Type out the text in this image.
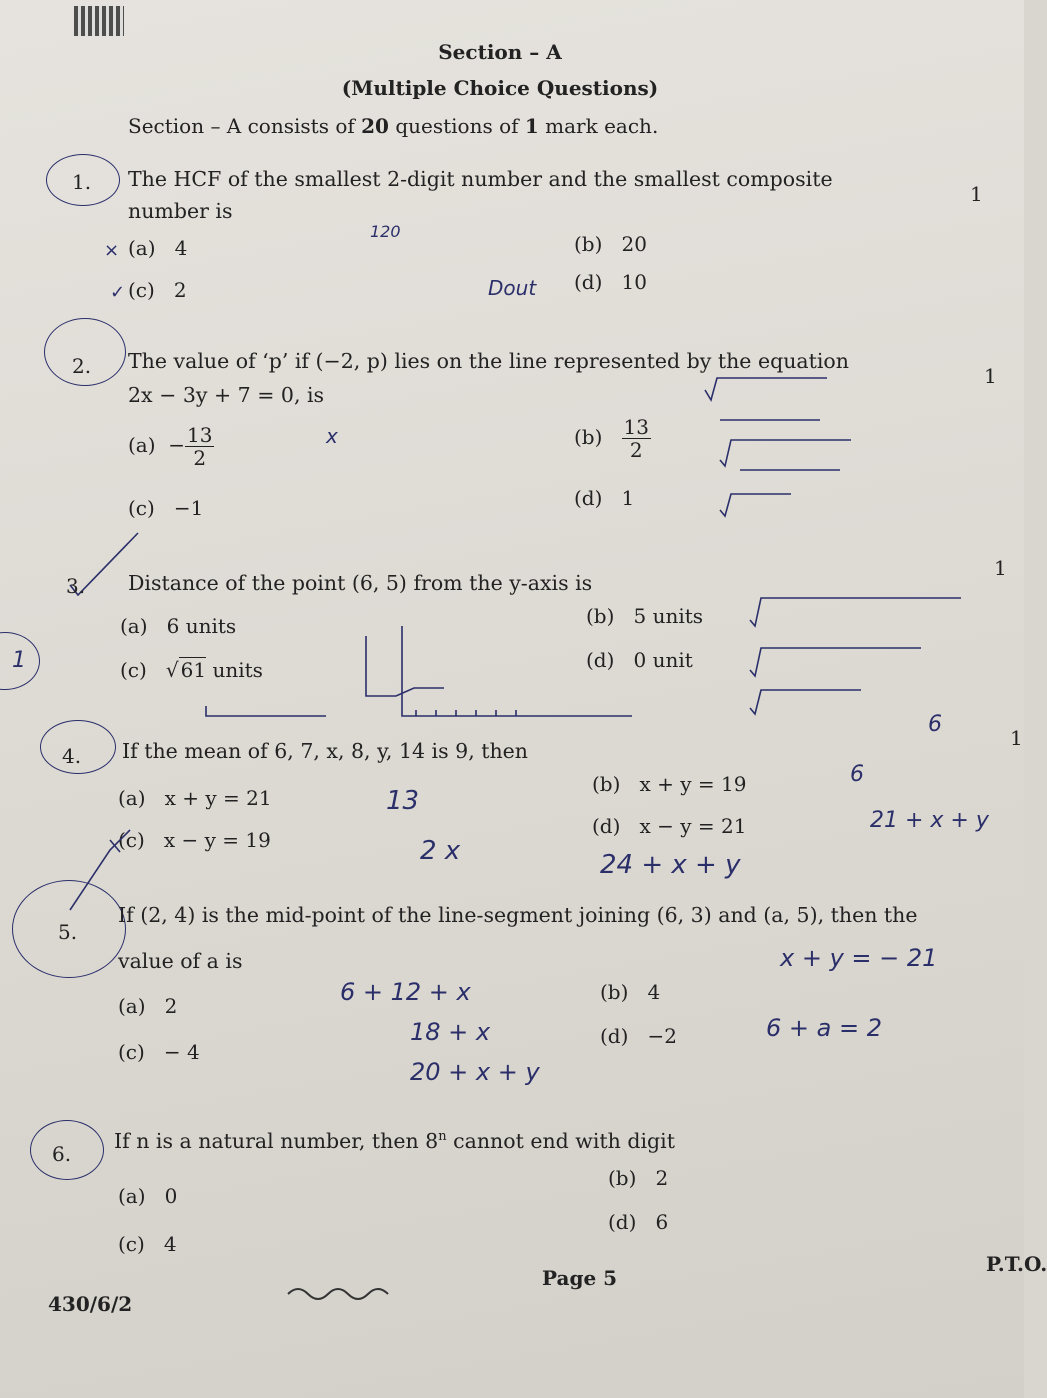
Section – A
(Multiple Choice Questions)
Section – A consists of 20 questions of 1 mark each.
1. The HCF of the smallest 2-digit number and the smallest composite
number is
1
(a) 4	(b) 20
(c) 2	(d) 10
×
✓
120
Dout
2. The value of ‘p’ if (−2, p) lies on the line represented by the equation
2x − 3y + 7 = 0, is
1
$(a) - \frac{13}{2}$	$(b) \frac{13}{2}$
(c) −1	(d) 1
x
3. Distance of the point (6, 5) from the y-axis is
1
(a) 6 units	(b) 5 units
(c)   √ 61 units	(d) 0 unit
1
6
4. If the mean of 6, 7, x, 8, y, 14 is 9, then
1
(a) x + y = 21
(b) x + y = 19
(c) x − y = 19
(d) x − y = 21
13
2 x	24 + x + y
21 + x + y
6
5.
If (2, 4) is the mid-point of the line-segment joining (6, 3) and (a, 5), then the
value of a is
(a) 2
(b) 4
(c) − 4
(d) −2
6 + 12 + x
18 + x
20 + x + y
x + y = − 21
6 + a = 2
6.
If n is a natural number, then 8$^n$ cannot end with digit
(a) 0
(b) 2
(c) 4
(d) 6
430/6/2
Page 5
P.T.O.
